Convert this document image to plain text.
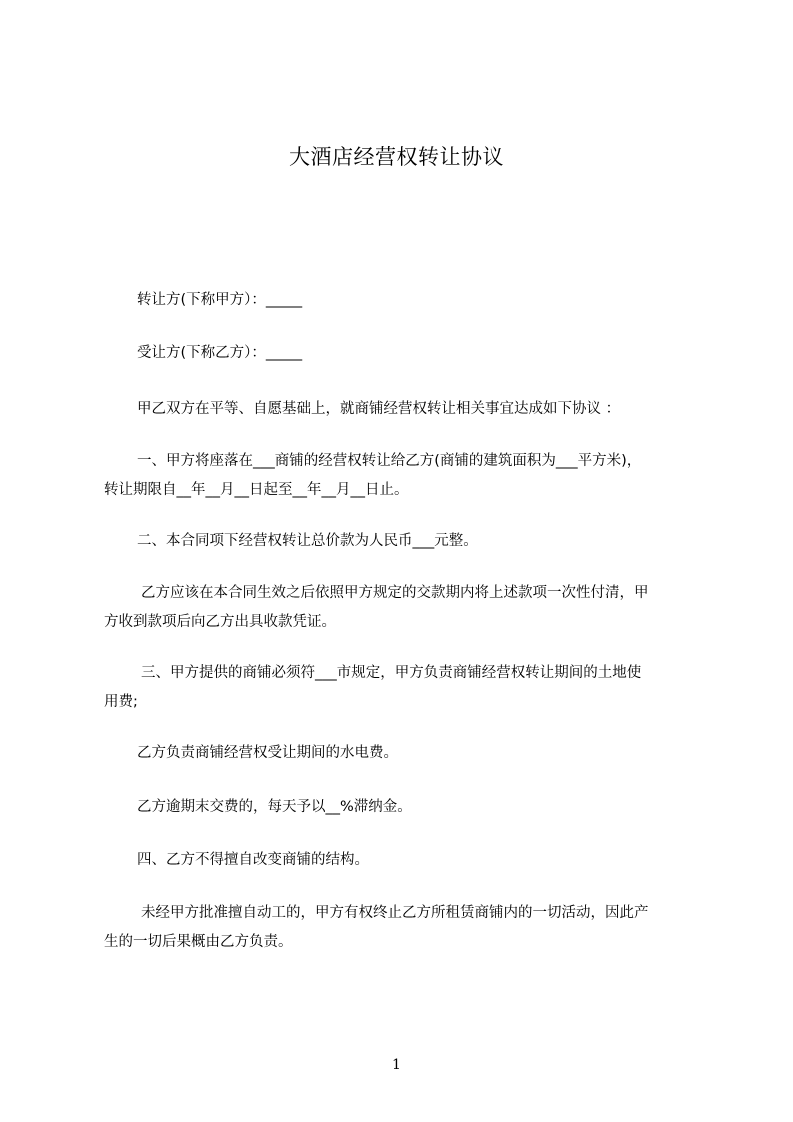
大酒店经营权转让协议

转让方(下称甲方）：_____

受让方(下称乙方）：_____

甲乙双方在平等、自愿基础上，就商铺经营权转让相关事宜达成如下协议 ：

一、甲方将座落在___商铺的经营权转让给乙方(商铺的建筑面积为___平方米)，
转让期限自__年__月__日起至__年__月__日止。

二、本合同项下经营权转让总价款为人民币___元整。

乙方应该在本合同生效之后依照甲方规定的交款期内将上述款项一次性付清，甲
方收到款项后向乙方出具收款凭证。

三、甲方提供的商铺必须符___市规定，甲方负责商铺经营权转让期间的土地使
用费;

乙方负责商铺经营权受让期间的水电费。

乙方逾期末交费的，每天予以__%滞纳金。

四、乙方不得擅自改变商铺的结构。

未经甲方批准擅自动工的，甲方有权终止乙方所租赁商铺内的一切活动，因此产
生的一切后果概由乙方负责。

1
